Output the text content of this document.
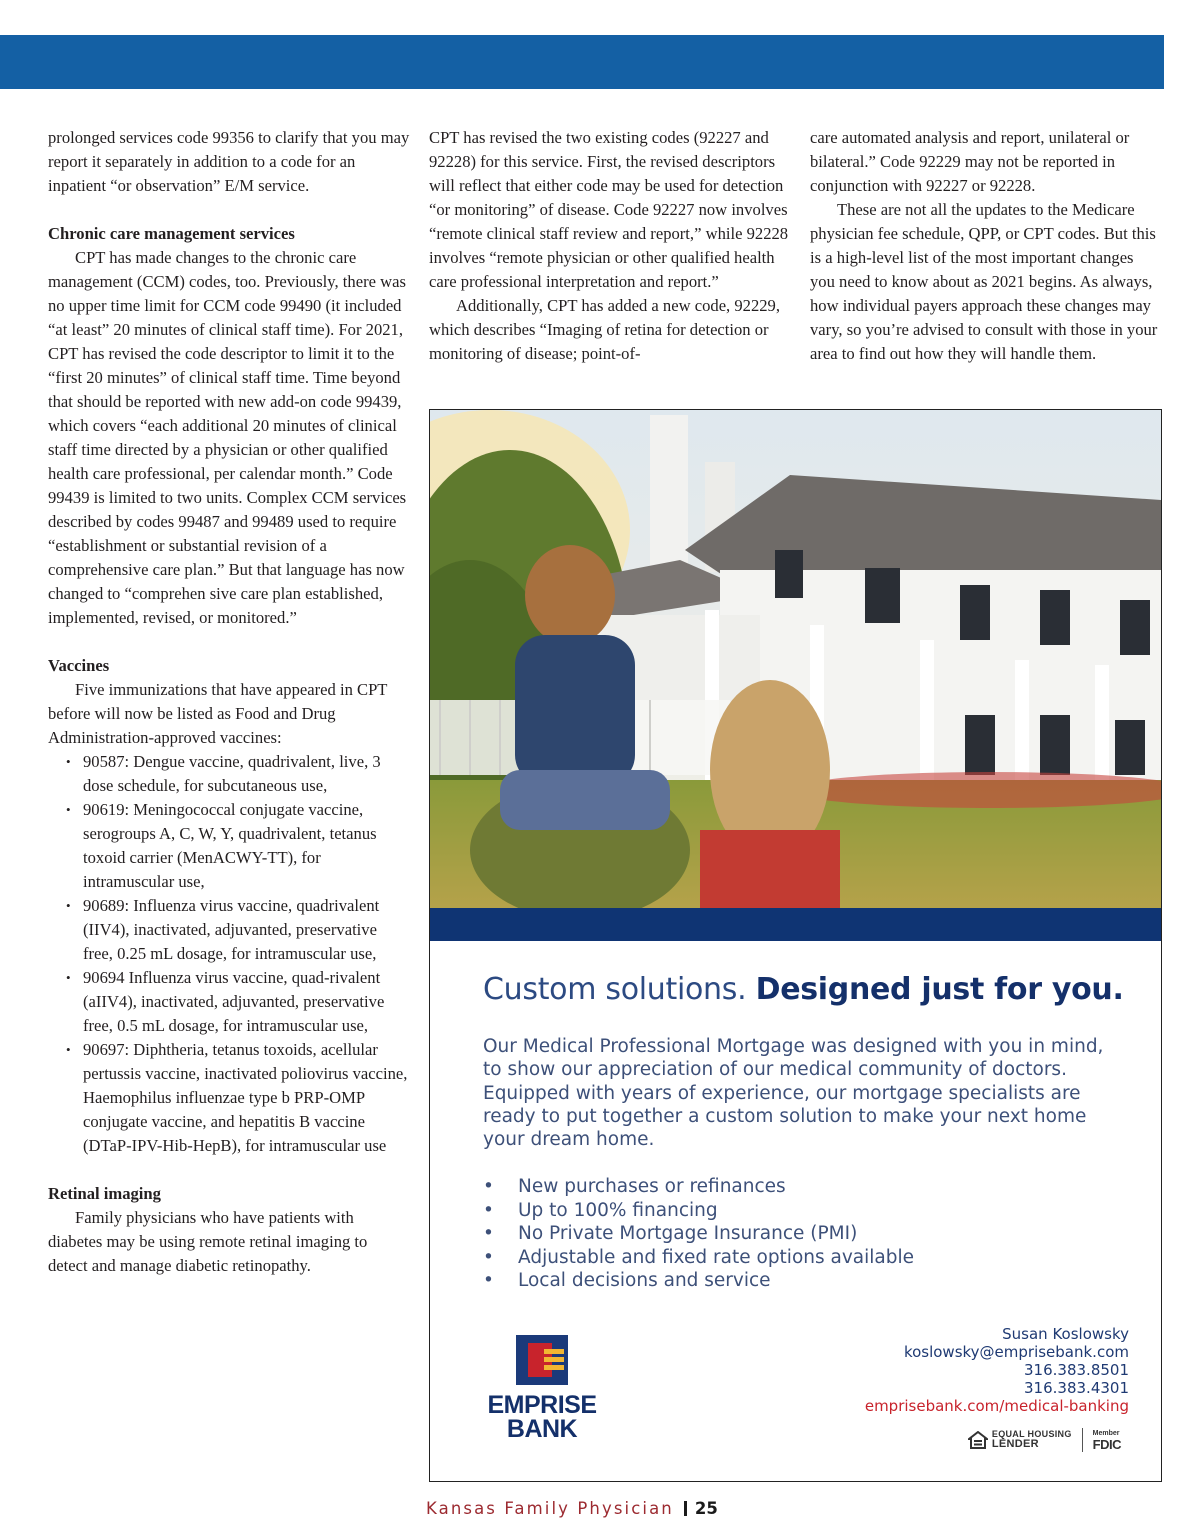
prolonged services code 99356 to clarify that you may report it separately in addition to a code for an inpatient “or observation” E/M service.

Chronic care management services

CPT has made changes to the chronic care management (CCM) codes, too. Previously, there was no upper time limit for CCM code 99490 (it included “at least” 20 minutes of clinical staff time). For 2021, CPT has revised the code descriptor to limit it to the “first 20 minutes” of clinical staff time. Time beyond that should be reported with new add-on code 99439, which covers “each additional 20 minutes of clinical staff time directed by a physician or other qualified health care professional, per calendar month.” Code 99439 is limited to two units. Complex CCM services described by codes 99487 and 99489 used to require “establishment or substantial revision of a comprehensive care plan.” But that language has now changed to “comprehen sive care plan established, implemented, revised, or monitored.”

Vaccines

Five immunizations that have appeared in CPT before will now be listed as Food and Drug Administration-approved vaccines:

• 90587: Dengue vaccine, quadrivalent, live, 3 dose schedule, for subcutaneous use,
• 90619: Meningococcal conjugate vaccine, serogroups A, C, W, Y, quadrivalent, tetanus toxoid carrier (MenACWY-TT), for intramuscular use,
• 90689: Influenza virus vaccine, quadrivalent (IIV4), inactivated, adjuvanted, preservative free, 0.25 mL dosage, for intramuscular use,
• 90694 Influenza virus vaccine, quad-rivalent (aIIV4), inactivated, adjuvanted, preservative free, 0.5 mL dosage, for intramuscular use,
• 90697: Diphtheria, tetanus toxoids, acellular pertussis vaccine, inactivated poliovirus vaccine, Haemophilus influenzae type b PRP-OMP conjugate vaccine, and hepatitis B vaccine (DTaP-IPV-Hib-HepB), for intramuscular use
Retinal imaging

Family physicians who have patients with diabetes may be using remote retinal imaging to detect and manage diabetic retinopathy.

CPT has revised the two existing codes (92227 and 92228) for this service. First, the revised descriptors will reflect that either code may be used for detection “or monitoring” of disease. Code 92227 now involves “remote clinical staff review and report,” while 92228 involves “remote physician or other qualified health care professional interpretation and report.”

Additionally, CPT has added a new code, 92229, which describes “Imaging of retina for detection or monitoring of disease; point-of-

care automated analysis and report, unilateral or bilateral.” Code 92229 may not be reported in conjunction with 92227 or 92228.

These are not all the updates to the Medicare physician fee schedule, QPP, or CPT codes. But this is a high-level list of the most important changes you need to know about as 2021 begins. As always, how individual payers approach these changes may vary, so you’re advised to consult with those in your area to find out how they will handle them.

Custom solutions. Designed just for you.
Our Medical Professional Mortgage was designed with you in mind, to show our appreciation of our medical community of doctors. Equipped with years of experience, our mortgage specialists are ready to put together a custom solution to make your next home your dream home.
• New purchases or refinances
• Up to 100% financing
• No Private Mortgage Insurance (PMI)
• Adjustable and fixed rate options available
• Local decisions and service
EMPRISE
BANK
Susan Koslowsky
koslowsky@emprisebank.com
316.383.8501
316.383.4301
emprisebank.com/medical-banking
EQUAL HOUSING
LENDER
Member
FDIC
Kansas Family Physician 25
